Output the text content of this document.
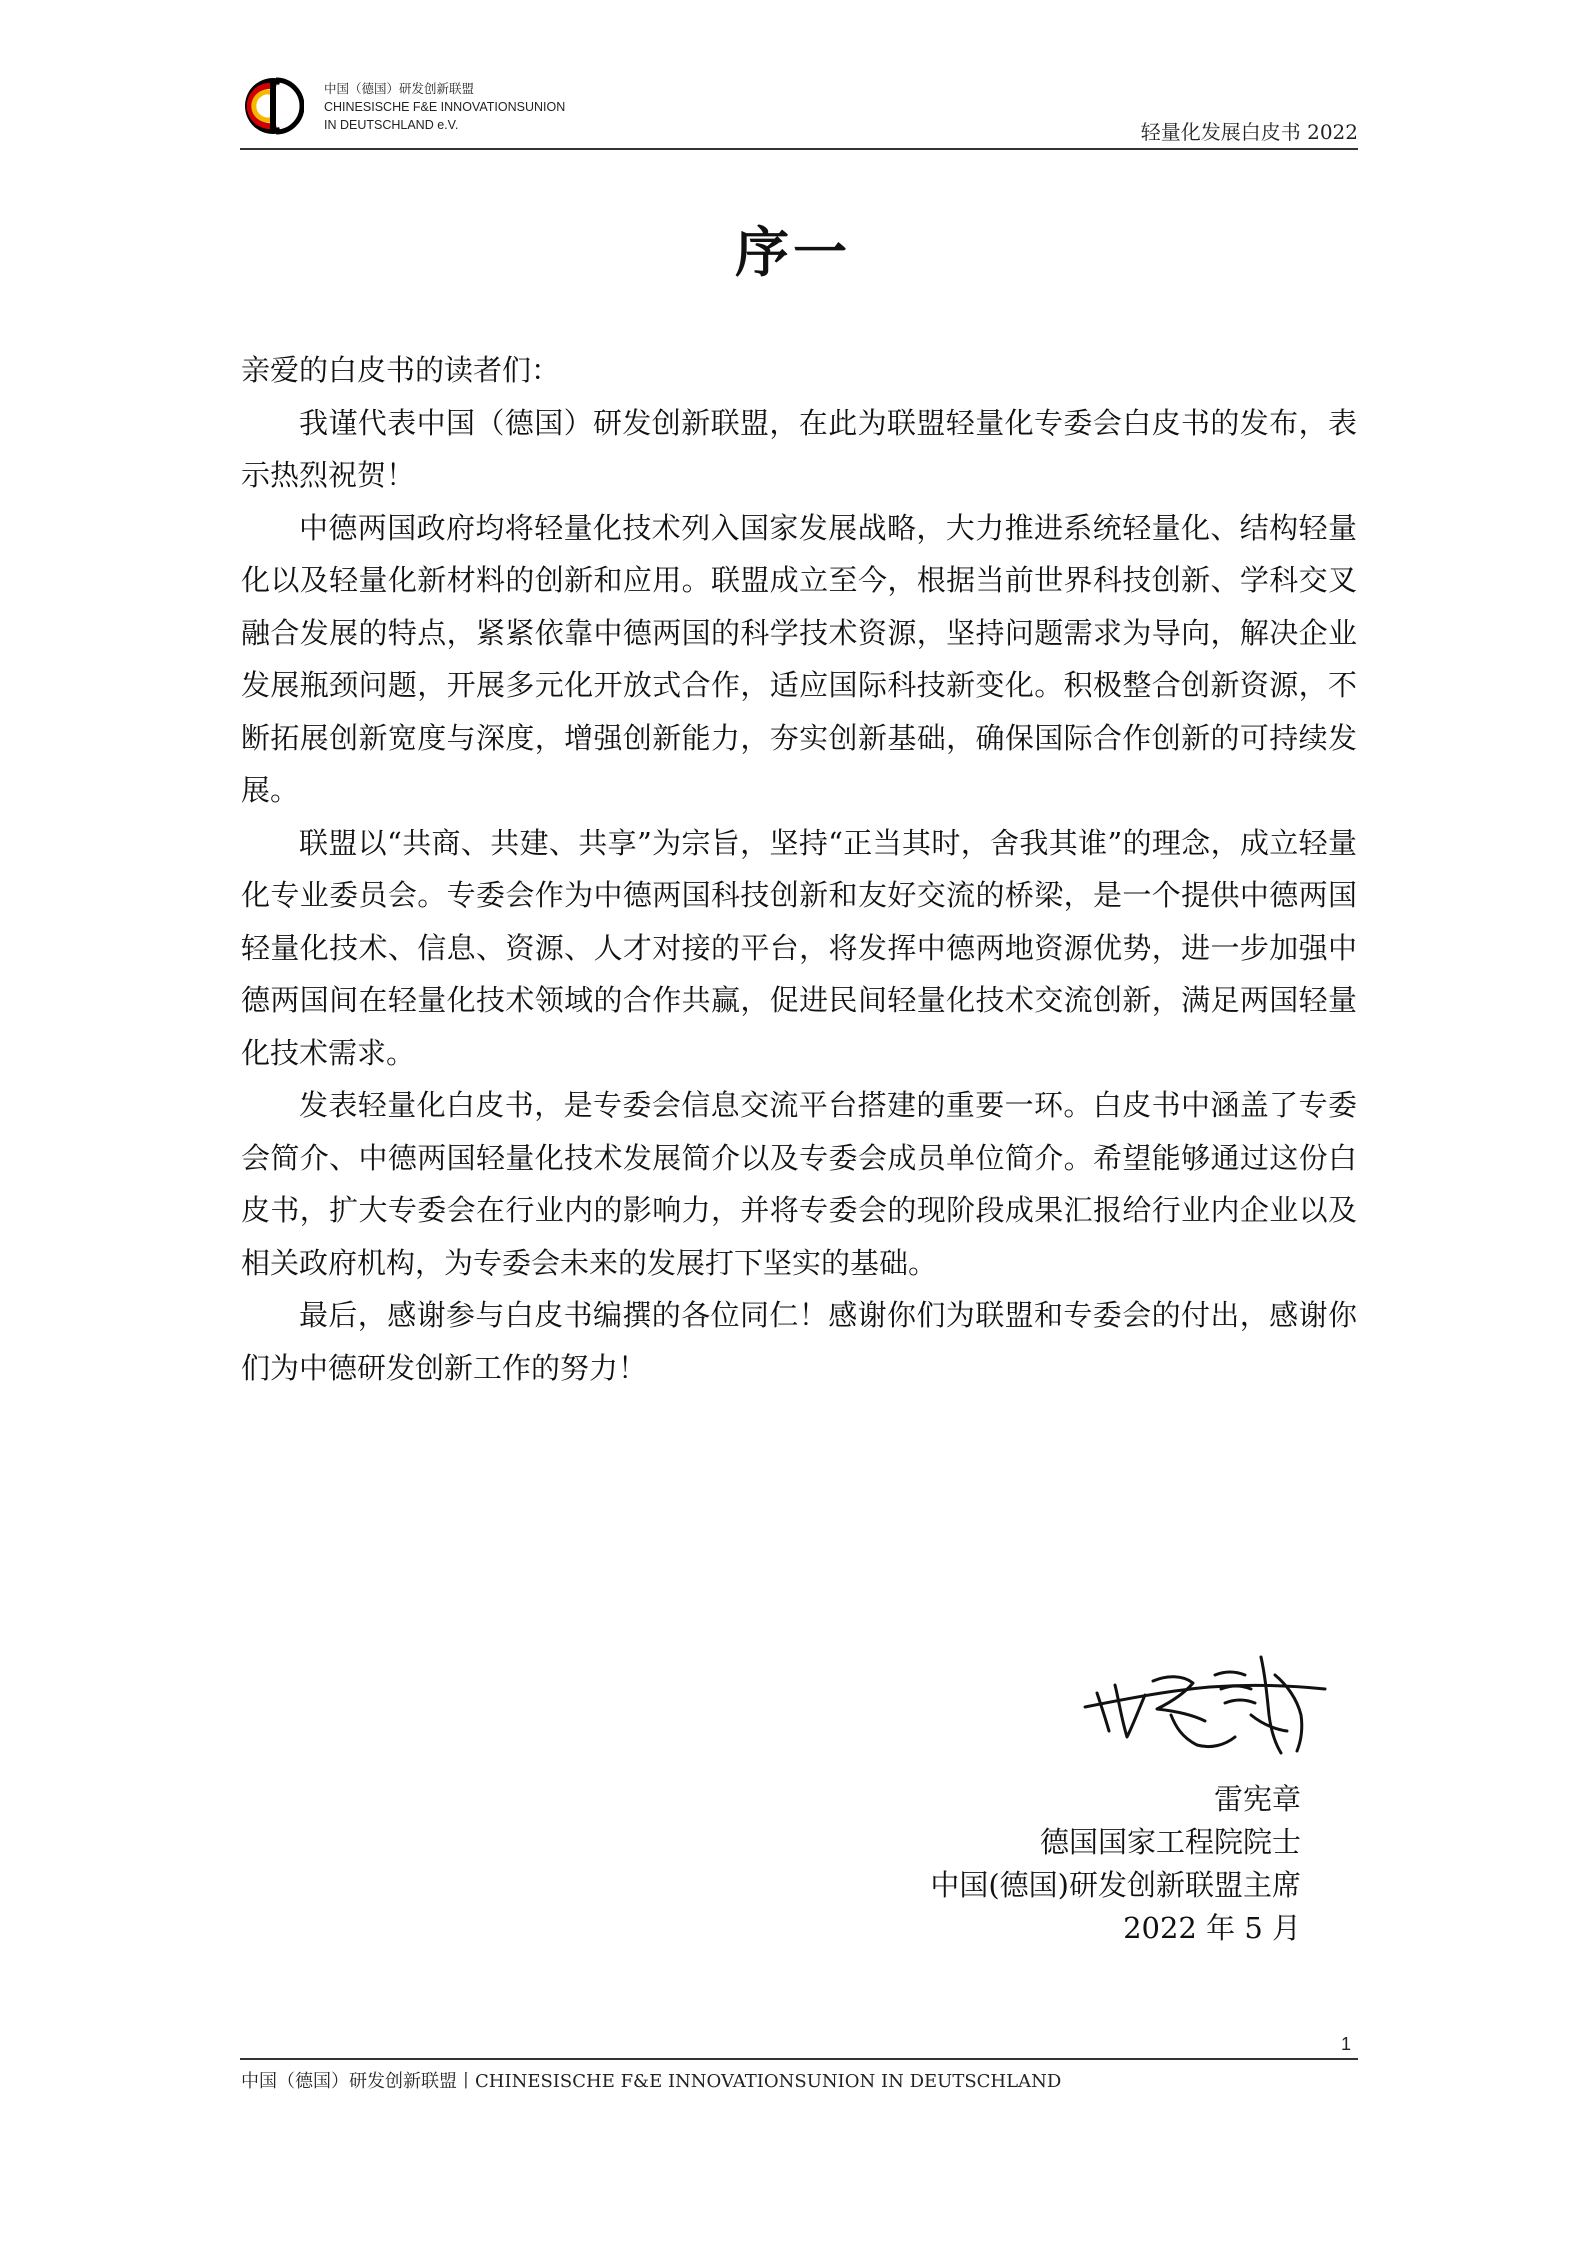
中国（德国）研发创新联盟
CHINESISCHE F&E INNOVATIONSUNION
IN DEUTSCHLAND e.V.	轻量化发展白皮书 2022
序一

亲爱的白皮书的读者们：

我谨代表中国（德国）研发创新联盟，在此为联盟轻量化专委会白皮书的发布，表示热烈祝贺！

中德两国政府均将轻量化技术列入国家发展战略，大力推进系统轻量化、结构轻量化以及轻量化新材料的创新和应用。联盟成立至今，根据当前世界科技创新、学科交叉融合发展的特点，紧紧依靠中德两国的科学技术资源，坚持问题需求为导向，解决企业发展瓶颈问题，开展多元化开放式合作，适应国际科技新变化。积极整合创新资源，不断拓展创新宽度与深度，增强创新能力，夯实创新基础，确保国际合作创新的可持续发展。

联盟以“共商、共建、共享”为宗旨，坚持“正当其时，舍我其谁”的理念，成立轻量化专业委员会。专委会作为中德两国科技创新和友好交流的桥梁，是一个提供中德两国轻量化技术、信息、资源、人才对接的平台，将发挥中德两地资源优势，进一步加强中德两国间在轻量化技术领域的合作共赢，促进民间轻量化技术交流创新，满足两国轻量化技术需求。

发表轻量化白皮书，是专委会信息交流平台搭建的重要一环。白皮书中涵盖了专委会简介、中德两国轻量化技术发展简介以及专委会成员单位简介。希望能够通过这份白皮书，扩大专委会在行业内的影响力，并将专委会的现阶段成果汇报给行业内企业以及相关政府机构，为专委会未来的发展打下坚实的基础。

最后，感谢参与白皮书编撰的各位同仁！感谢你们为联盟和专委会的付出，感谢你们为中德研发创新工作的努力！

雷宪章
德国国家工程院院士
中国(德国)研发创新联盟主席
2022 年 5 月
1
中国（德国）研发创新联盟丨CHINESISCHE F&E INNOVATIONSUNION IN DEUTSCHLAND
